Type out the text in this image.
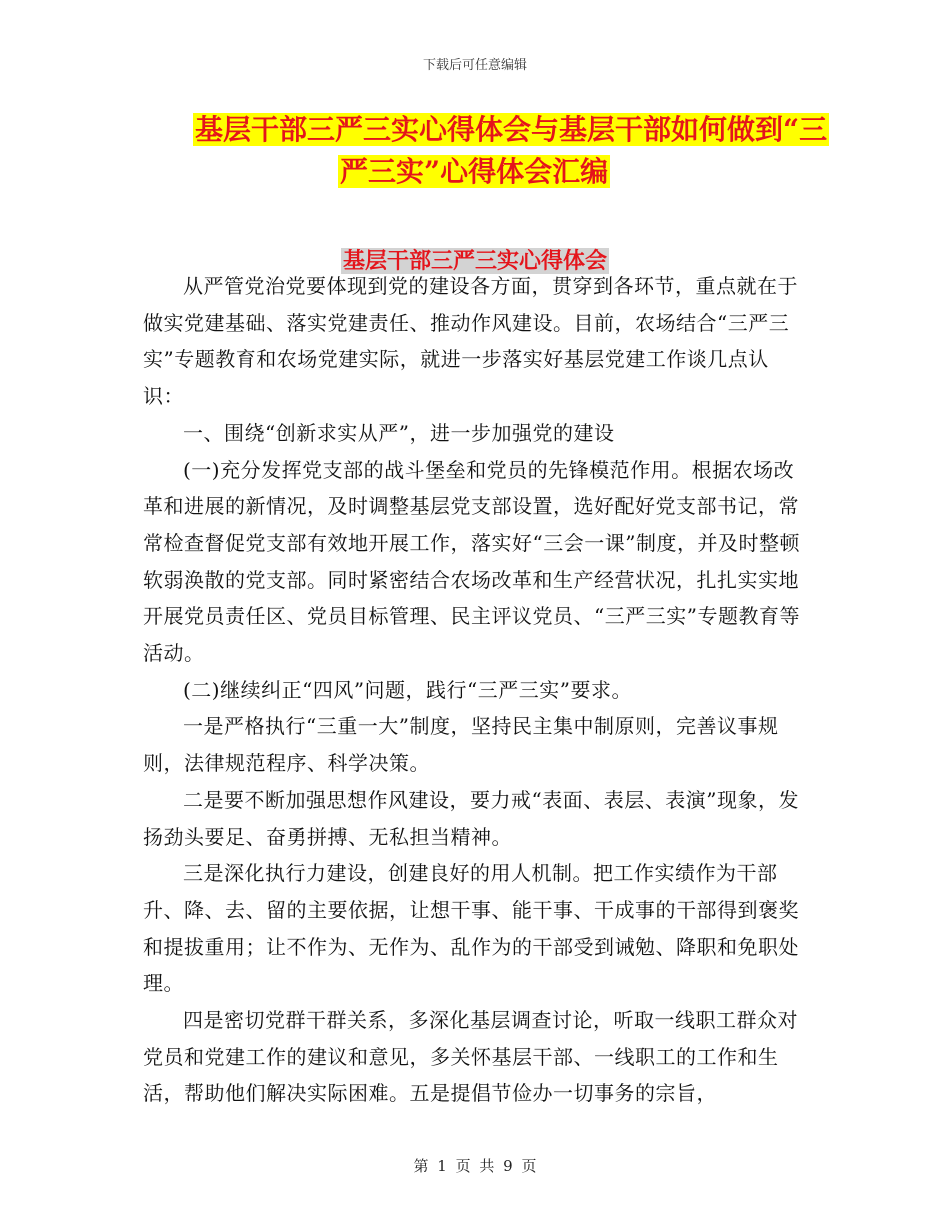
下载后可任意编辑
基层干部三严三实心得体会与基层干部如何做到“三
严三实”心得体会汇编
基层干部三严三实心得体会

从严管党治党要体现到党的建设各方面，贯穿到各环节，重点就在于做实党建基础、落实党建责任、推动作风建设。目前，农场结合“三严三实”专题教育和农场党建实际，就进一步落实好基层党建工作谈几点认识：

一、围绕“创新求实从严”，进一步加强党的建设

(一)充分发挥党支部的战斗堡垒和党员的先锋模范作用。根据农场改革和进展的新情况，及时调整基层党支部设置，选好配好党支部书记，常常检查督促党支部有效地开展工作，落实好“三会一课”制度，并及时整顿软弱涣散的党支部。同时紧密结合农场改革和生产经营状况，扎扎实实地开展党员责任区、党员目标管理、民主评议党员、“三严三实”专题教育等活动。

(二)继续纠正“四风”问题，践行“三严三实”要求。

一是严格执行“三重一大”制度，坚持民主集中制原则，完善议事规则，法律规范程序、科学决策。

二是要不断加强思想作风建设，要力戒“表面、表层、表演”现象，发扬劲头要足、奋勇拼搏、无私担当精神。

三是深化执行力建设，创建良好的用人机制。把工作实绩作为干部升、降、去、留的主要依据，让想干事、能干事、干成事的干部得到褒奖和提拔重用；让不作为、无作为、乱作为的干部受到诫勉、降职和免职处理。

四是密切党群干群关系，多深化基层调查讨论，听取一线职工群众对党员和党建工作的建议和意见，多关怀基层干部、一线职工的工作和生活，帮助他们解决实际困难。五是提倡节俭办一切事务的宗旨，

第 1 页 共 9 页
